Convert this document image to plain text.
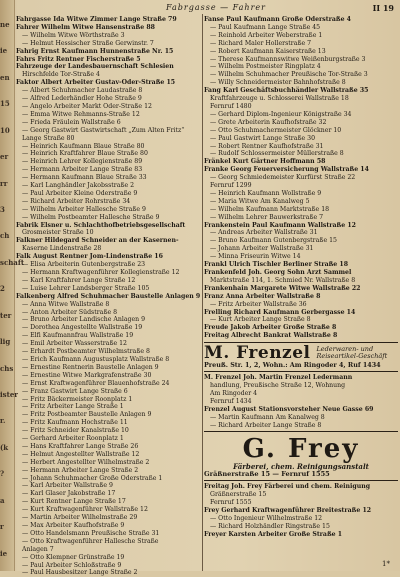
ne
ie
en
15
10
er
rr
3
ch
schaft
2
ter
lig
chs
ister
r.
(k
?
a
r
ie
Fabrgasse — Fahrer	II 19
Fahrgasse Ida Witwe Zimmer Lange Straße 79
Fahrer Wilhelm Witwe Hansenstraße 88
— Wilhelm Witwe Wörthstraße 3
— Helmut Hessischer Straße Gerwinstr. 7
Fahrig Ernst Kaufmann Hunnenstraße Nr. 15
Fahrs Fritz Rentner Fischerstraße 5
Fahrzeuge der Landesbauernschaft Schlesien
Hirschfelde Tor-Straße 4
Faktor Albert Arbeiter Gustav-Oder-Straße 15
— Albert Schuhmacher Laudastraße 8
— Alfred Lederhändler Hohe Straße 9
— Angelo Arbeiter Markt Oder-Straße 12
— Emma Witwe Rehmanns-Straße 12
— Frieda Fräulein Wallstraße 6
— Georg Gastwirt Gastwirtschaft „Zum Alten Fritz“
Lange Straße 80
— Heinrich Kaufmann Blaue Straße 80
— Heinrich Kraftfahrer Blaue Straße 80
— Heinrich Lehrer Kollegienstraße 89
— Hermann Arbeiter Lange Straße 83
— Hermann Kaufmann Blaue Straße 33
— Karl Langhändler Jakobsstraße 2
— Paul Arbeiter Kleine Oderstraße 9
— Richard Arbeiter Rohrstraße 34
— Wilhelm Arbeiter Hallesche Straße 9
— Wilhelm Postbeamter Hallesche Straße 9
Fabrik Elsner u. Schlachthofbetriebsgesellschaft
Grosmeister Straße 10
Falkner Hildegard Schneider an der Kasernen-
Kaserne Lindenstraße 28
Falk August Rentner Jom-Lindenstraße 16
— Elisa Arbeiterin Gutenbergstraße 23
— Hermann Kraftwagenführer Kollegienstraße 12
— Karl Kraftfahrer Lange Straße 12
— Luise Lehrer Landsberger Straße 105
Falkenberg Alfred Schuhmacher Baustelle Anlagen 9
— Anna Witwe Wallstraße 8
— Anton Arbeiter Südstraße 8
— Bruno Arbeiter Landische Anlagen 9
— Dorothea Angestellte Wallstraße 19
— Elfi Kaufmannfrau Wallstraße 19
— Emil Arbeiter Wasserstraße 12
— Erhardt Postbeamter Wilhelmstraße 8
— Erich Kaufmann Augustusplatz Wallstraße 8
— Ernestine Rentnerin Baustelle Anlagen 9
— Ernestine Witwe Markgrafenstraße 30
— Ernst Kraftwagenführer Blauenhofstraße 24
— Franz Gastwirt Lange Straße 6
— Fritz Bäckermeister Roonplatz 1
— Fritz Arbeiter Lange Straße 1
— Fritz Postbeamter Baustelle Anlagen 9
— Fritz Kaufmann Hochstraße 11
— Fritz Schneider Kanalstraße 10
— Gerhard Arbeiter Roonplatz 1
— Hans Kraftfahrer Lange Straße 26
— Helmut Angestellter Wallstraße 12
— Herbert Angestellter Wilhelmstraße 2
— Hermann Arbeiter Lange Straße 2
— Johann Schuhmacher Große Oderstraße 1
— Karl Arbeiter Wallstraße 9
— Karl Glaser Jakobstraße 17
— Kurt Rentner Lange Straße 17
— Kurt Kraftwagenführer Wallstraße 12
— Martin Arbeiter Wilhelmstraße 29
— Max Arbeiter Kaufhofstraße 9
— Otto Handelsmann Preußische Straße 31
— Otto Kraftwagenführer Hallesche Straße
Anlagen 7
— Otto Klempner Grünstraße 19
— Paul Arbeiter Schloßstraße 9
— Paul Hausbesitzer Lange Straße 2
Fanse Paul Kaufmann Große Oderstraße 4
— Paul Kaufmann Lange Straße 45
— Reinhold Arbeiter Weberstraße 1
— Richard Maler Hollerstraße 7
— Robert Kaufmann Kaiserstraße 13
— Therese Kaufmannswitwe Weißenburgstraße 3
— Wilhelm Postmeister Ringplatz 4
— Wilhelm Schuhmacher Preußische Tor-Straße 3
— Willy Schneidermeister Bahnhofstraße 8
Fang Karl Geschäftsbuchhändler Wallstraße 35
Kraftfahrzeuge u. Schlosserei Wallstraße 18
Fernruf 1480
— Gerhard Diplom-Ingenieur Königstraße 34
— Grete Arbeiterin Kaufhofstraße 32
— Otto Schuhmachermeister Glöckner 10
— Paul Gastwirt Lange Straße 30
— Robert Rentner Kaufhofstraße 31
— Rudolf Schlossermeister Müllerstraße 8
Fränkel Kurt Gärtner Hoffmann 58
Franke Georg Feuerversicherung Wallstraße 14
— Georg Schmiedemeister Kurfürst Straße 22
Fernruf 1299
— Heinrich Kaufmann Wollstraße 9
— Maria Witwe Am Kanalweg 5
— Wilhelm Kaufmann Marktstraße 18
— Wilhelm Lehrer Bauwerkstraße 7
Frankenstein Paul Kaufmann Wallstraße 12
— Andreas Arbeiter Wallstraße 31
— Bruno Kaufmann Gutenbergstraße 15
— Johann Arbeiter Wallstraße 31
— Minna Friseurin Witwe 14
Frankl Ulrich Tischler Berliner Straße 18
Frankenfeld Joh. Georg Sohn Arzt Sammel
Marktstraße 114, 1. Schmied Nr. Wallstraße 8
Frankenhain Margarete Witwe Wallstraße 22
Franz Anna Arbeiter Wallstraße 8
— Fritz Arbeiter Wallstraße 36
Frelling Richard Kaufmann Gerbergasse 14
— Kurt Arbeiter Lange Straße 8
Freude Jakob Arbeiter Große Straße 8
Freitag Albrecht Bankrat Wallstraße 8
M. Frenzel Lederwaren- und
Reiseartikel-Geschäft
Preuß. Str. 1, 2, Wohn.: Am Ringoder 4, Ruf 1434
M. Frenzel Joh. Martin Frenzel Ledermann
handlung, Preußische Straße 12, Wohnung
Am Ringoder 4
Fernruf 1434
Frenzel August Stationsvorsteher Neue Gasse 69
— Martin Kaufmann Am Kanalweg 8
— Richard Arbeiter Lange Straße 8
G. Frey
Färberei, chem. Reinigungsanstalt
Gräßnerstraße 15 — Fernruf 1555
Freitag Joh. Frey Färberei und chem. Reinigung
Gräßnerstraße 15
Fernruf 1555
Frey Gerhard Kraftwagenführer Breitestraße 12
— Otto Ingenieur Wilhelmstraße 12
— Richard Holzhändler Ringstraße 15
Freyer Karsten Arbeiter Große Straße 1
1*
